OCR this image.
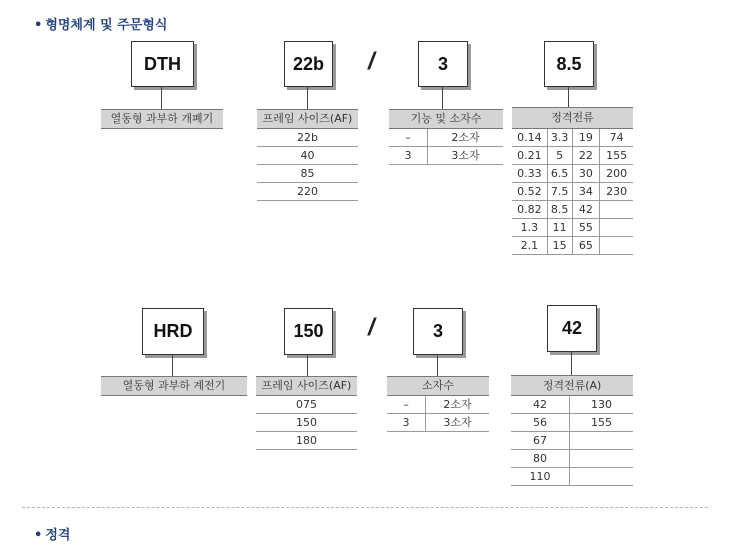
• 형명체계 및 주문형식
DTH	22b	/	3	8.5
열동형 과부하 개폐기	프레임 사이즈(AF)
22b
40
85
220
기능 및 소자수
–	2소자
3	3소자
정격전류
0.14 3.3 19	74
0.21	5	22	155
0.33 6.5 30	200
0.52 7.5 34	230
0.82 8.5 42
1.3	11	55
2.1	15	65
HRD	150	/	3	42
열동형 과부하 계전기	프레임 사이즈(AF)
075
150
180
소자수
–	2소자
3	3소자
정격전류(A)
42	130
56	155
67
80
110
• 정격
